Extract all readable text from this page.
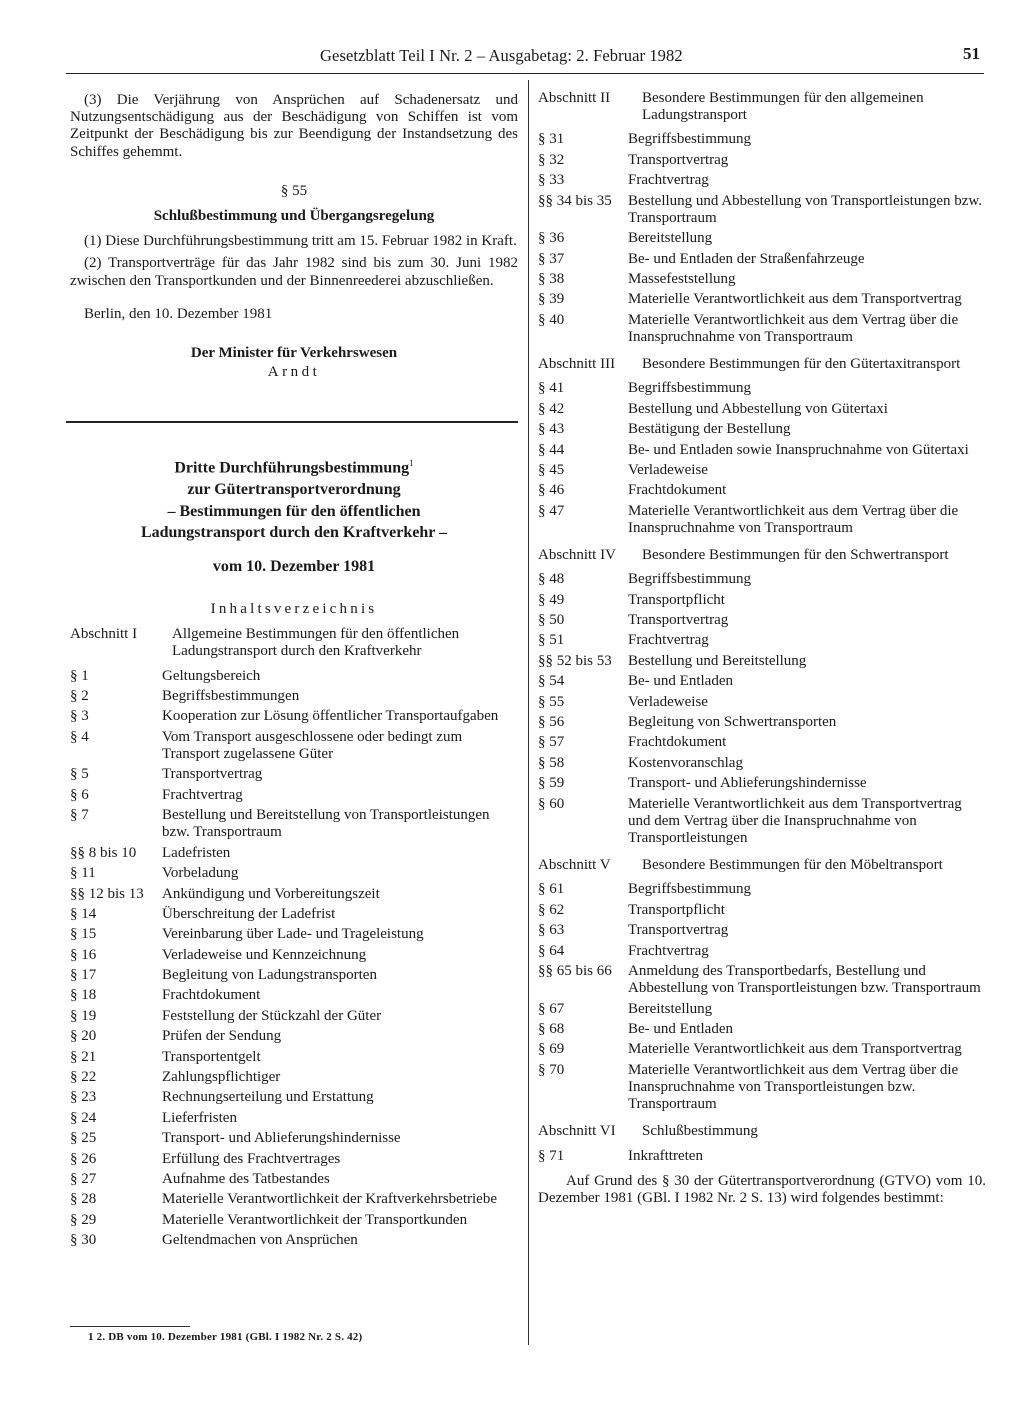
Gesetzblatt Teil I Nr. 2 – Ausgabetag: 2. Februar 1982	51

(3) Die Verjährung von Ansprüchen auf Schadenersatz und Nutzungsentschädigung aus der Beschädigung von Schiffen ist vom Zeitpunkt der Beschädigung bis zur Beendigung der Instandsetzung des Schiffes gehemmt.

§ 55

Schlußbestimmung und Übergangsregelung

(1) Diese Durchführungsbestimmung tritt am 15. Februar 1982 in Kraft.

(2) Transportverträge für das Jahr 1982 sind bis zum 30. Juni 1982 zwischen den Transportkunden und der Binnenreederei abzuschließen.

Berlin, den 10. Dezember 1981

Der Minister für Verkehrswesen

Arndt

Dritte Durchführungsbestimmung$^1$
zur Gütertransportverordnung
– Bestimmungen für den öffentlichen
Ladungstransport durch den Kraftverkehr –

vom 10. Dezember 1981

Inhaltsverzeichnis

Abschnitt I	Allgemeine Bestimmungen für den öffentlichen Ladungstransport durch den Kraftverkehr
§ 1	Geltungsbereich
§ 2	Begriffsbestimmungen
§ 3	Kooperation zur Lösung öffentlicher Transportaufgaben
§ 4	Vom Transport ausgeschlossene oder bedingt zum Transport zugelassene Güter
§ 5	Transportvertrag
§ 6	Frachtvertrag
§ 7	Bestellung und Bereitstellung von Transportleistungen bzw. Transportraum
§§ 8 bis 10	Ladefristen
§ 11	Vorbeladung
§§ 12 bis 13	Ankündigung und Vorbereitungszeit
§ 14	Überschreitung der Ladefrist
§ 15	Vereinbarung über Lade- und Trageleistung
§ 16	Verladeweise und Kennzeichnung
§ 17	Begleitung von Ladungstransporten
§ 18	Frachtdokument
§ 19	Feststellung der Stückzahl der Güter
§ 20	Prüfen der Sendung
§ 21	Transportentgelt
§ 22	Zahlungspflichtiger
§ 23	Rechnungserteilung und Erstattung
§ 24	Lieferfristen
§ 25	Transport- und Ablieferungshindernisse
§ 26	Erfüllung des Frachtvertrages
§ 27	Aufnahme des Tatbestandes
§ 28	Materielle Verantwortlichkeit der Kraftverkehrsbetriebe
§ 29	Materielle Verantwortlichkeit der Transportkunden
§ 30	Geltendmachen von Ansprüchen
Abschnitt II	Besondere Bestimmungen für den allgemeinen Ladungstransport
§ 31	Begriffsbestimmung
§ 32	Transportvertrag
§ 33	Frachtvertrag
§§ 34 bis 35	Bestellung und Abbestellung von Transportleistungen bzw. Transportraum
§ 36	Bereitstellung
§ 37	Be- und Entladen der Straßenfahrzeuge
§ 38	Massefeststellung
§ 39	Materielle Verantwortlichkeit aus dem Transportvertrag
§ 40	Materielle Verantwortlichkeit aus dem Vertrag über die Inanspruchnahme von Transportraum
Abschnitt III	Besondere Bestimmungen für den Gütertaxitransport
§ 41	Begriffsbestimmung
§ 42	Bestellung und Abbestellung von Gütertaxi
§ 43	Bestätigung der Bestellung
§ 44	Be- und Entladen sowie Inanspruchnahme von Gütertaxi
§ 45	Verladeweise
§ 46	Frachtdokument
§ 47	Materielle Verantwortlichkeit aus dem Vertrag über die Inanspruchnahme von Transportraum
Abschnitt IV	Besondere Bestimmungen für den Schwertransport
§ 48	Begriffsbestimmung
§ 49	Transportpflicht
§ 50	Transportvertrag
§ 51	Frachtvertrag
§§ 52 bis 53	Bestellung und Bereitstellung
§ 54	Be- und Entladen
§ 55	Verladeweise
§ 56	Begleitung von Schwertransporten
§ 57	Frachtdokument
§ 58	Kostenvoranschlag
§ 59	Transport- und Ablieferungshindernisse
§ 60	Materielle Verantwortlichkeit aus dem Transportvertrag und dem Vertrag über die Inanspruchnahme von Transportleistungen
Abschnitt V	Besondere Bestimmungen für den Möbeltransport
§ 61	Begriffsbestimmung
§ 62	Transportpflicht
§ 63	Transportvertrag
§ 64	Frachtvertrag
§§ 65 bis 66	Anmeldung des Transportbedarfs, Bestellung und Abbestellung von Transportleistungen bzw. Transportraum
§ 67	Bereitstellung
§ 68	Be- und Entladen
§ 69	Materielle Verantwortlichkeit aus dem Transportvertrag
§ 70	Materielle Verantwortlichkeit aus dem Vertrag über die Inanspruchnahme von Transportleistungen bzw. Transportraum
Abschnitt VI	Schlußbestimmung
§ 71	Inkrafttreten

Auf Grund des § 30 der Gütertransportverordnung (GTVO) vom 10. Dezember 1981 (GBl. I 1982 Nr. 2 S. 13) wird folgendes bestimmt:

1 2. DB vom 10. Dezember 1981 (GBl. I 1982 Nr. 2 S. 42)
